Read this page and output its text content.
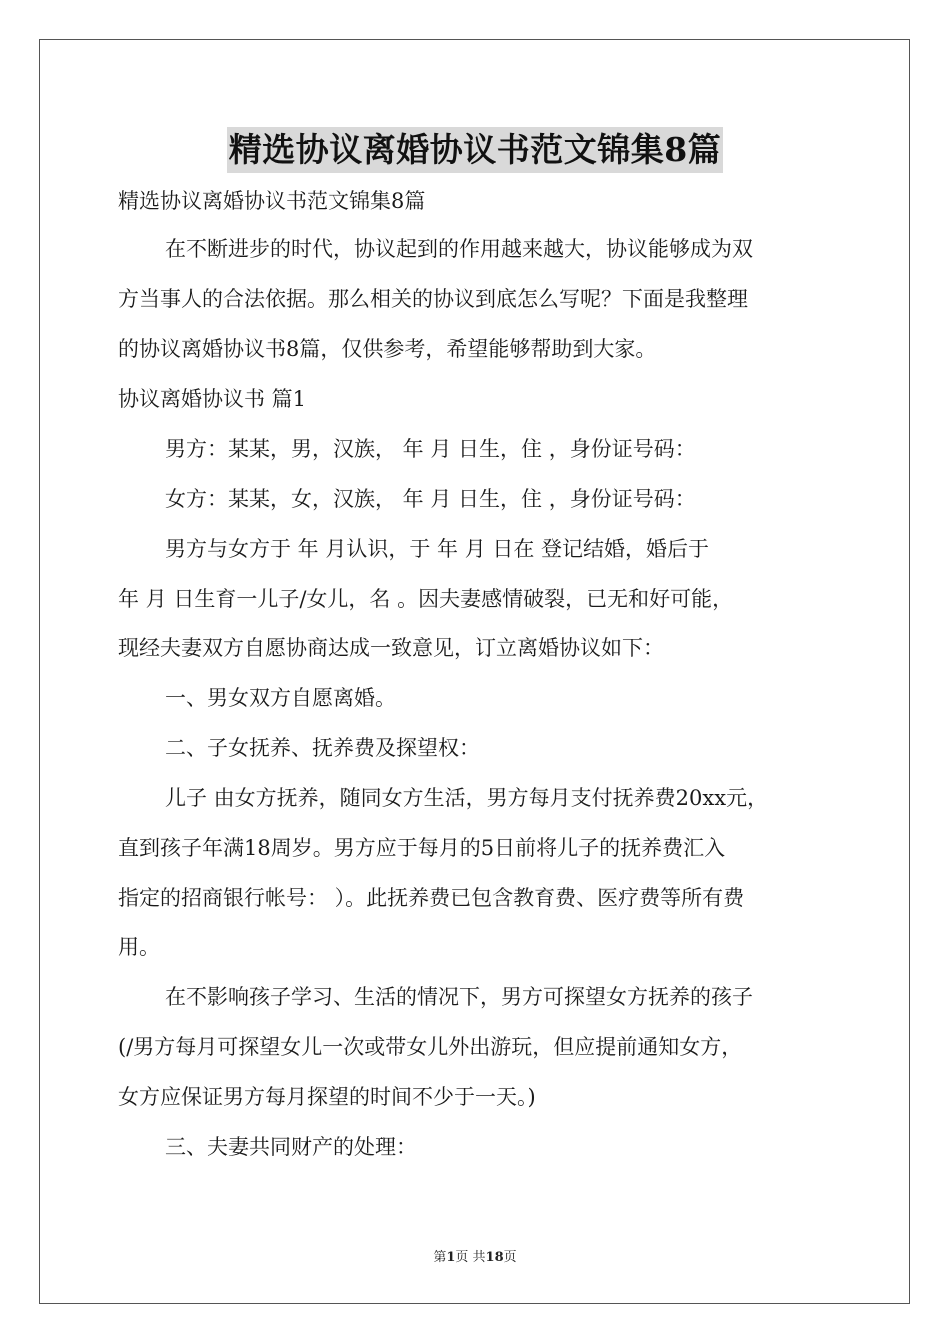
精选协议离婚协议书范文锦集8篇
精选协议离婚协议书范文锦集8篇
在不断进步的时代，协议起到的作用越来越大，协议能够成为双
方当事人的合法依据。那么相关的协议到底怎么写呢？下面是我整理
的协议离婚协议书8篇，仅供参考，希望能够帮助到大家。
协议离婚协议书 篇1
男方：某某，男，汉族， 年 月 日生，住 ，身份证号码：
女方：某某，女，汉族， 年 月 日生，住 ，身份证号码：
男方与女方于 年 月认识，于 年 月 日在 登记结婚，婚后于
年 月 日生育一儿子/女儿，名 。因夫妻感情破裂，已无和好可能，
现经夫妻双方自愿协商达成一致意见，订立离婚协议如下：
一、男女双方自愿离婚。
二、子女抚养、抚养费及探望权：
儿子 由女方抚养，随同女方生活，男方每月支付抚养费20xx元，
直到孩子年满18周岁。男方应于每月的5日前将儿子的抚养费汇入
指定的招商银行帐号： ）。此抚养费已包含教育费、医疗费等所有费
用。
在不影响孩子学习、生活的情况下，男方可探望女方抚养的孩子
(/男方每月可探望女儿一次或带女儿外出游玩，但应提前通知女方，
女方应保证男方每月探望的时间不少于一天。)
三、夫妻共同财产的处理：
第1页 共18页
